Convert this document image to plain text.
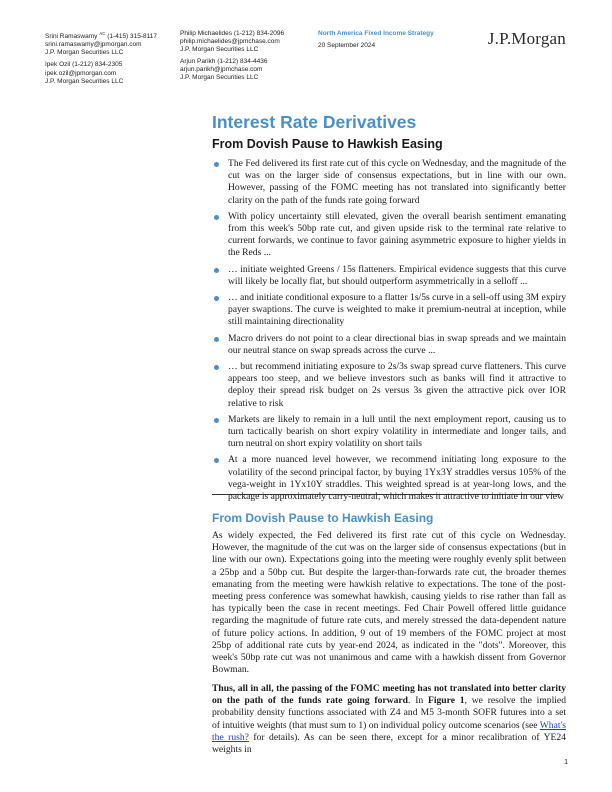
Srini Ramaswamy $^{AC}$ (1-415) 315-8117
srini.ramaswamy@jpmorgan.com
J.P. Morgan Securities LLC
Ipek Ozil (1-212) 834-2305
ipek.ozil@jpmorgan.com
J.P. Morgan Securities LLC
Philip Michaelides (1-212) 834-2096
philip.michaelides@jpmchase.com
J.P. Morgan Securities LLC
Arjun Parikh (1-212) 834-4436
arjun.parikh@jpmchase.com
J.P. Morgan Securities LLC
North America Fixed Income Strategy
20 September 2024	J.P.Morgan
Interest Rate Derivatives
From Dovish Pause to Hawkish Easing
The Fed delivered its first rate cut of this cycle on Wednesday, and the magnitude of the cut was on the larger side of consensus expectations, but in line with our own. However, passing of the FOMC meeting has not translated into significantly better clarity on the path of the funds rate going forward
With policy uncertainty still elevated, given the overall bearish sentiment emanating from this week's 50bp rate cut, and given upside risk to the terminal rate relative to current forwards, we continue to favor gaining asymmetric exposure to higher yields in the Reds ...
… initiate weighted Greens / 15s flatteners. Empirical evidence suggests that this curve will likely be locally flat, but should outperform asymmetrically in a selloff ...
… and initiate conditional exposure to a flatter 1s/5s curve in a sell-off using 3M expiry payer swaptions. The curve is weighted to make it premium-neutral at inception, while still maintaining directionality
Macro drivers do not point to a clear directional bias in swap spreads and we maintain our neutral stance on swap spreads across the curve ...
… but recommend initiating exposure to 2s/3s swap spread curve flatteners. This curve appears too steep, and we believe investors such as banks will find it attractive to deploy their spread risk budget on 2s versus 3s given the attractive pick over IOR relative to risk
Markets are likely to remain in a lull until the next employment report, causing us to turn tactically bearish on short expiry volatility in intermediate and longer tails, and turn neutral on short expiry volatility on short tails
At a more nuanced level however, we recommend initiating long exposure to the volatility of the second principal factor, by buying 1Yx3Y straddles versus 105% of the vega-weight in 1Yx10Y straddles. This weighted spread is at year-long lows, and the package is approximately carry-neutral, which makes it attractive to initiate in our view
From Dovish Pause to Hawkish Easing

As widely expected, the Fed delivered its first rate cut of this cycle on Wednesday. However, the magnitude of the cut was on the larger side of consensus expectations (but in line with our own). Expectations going into the meeting were roughly evenly split between a 25bp and a 50bp cut. But despite the larger-than-forwards rate cut, the broader themes emanating from the meeting were hawkish relative to expectations. The tone of the post-meeting press conference was somewhat hawkish, causing yields to rise rather than fall as has typically been the case in recent meetings. Fed Chair Powell offered little guidance regarding the magnitude of future rate cuts, and merely stressed the data-dependent nature of future policy actions. In addition, 9 out of 19 members of the FOMC project at most 25bp of additional rate cuts by year-end 2024, as indicated in the "dots". Moreover, this week's 50bp rate cut was not unanimous and came with a hawkish dissent from Governor Bowman.

Thus, all in all, the passing of the FOMC meeting has not translated into better clarity on the path of the funds rate going forward. In Figure 1, we resolve the implied probability density functions associated with Z4 and M5 3-month SOFR futures into a set of intuitive weights (that must sum to 1) on individual policy outcome scenarios (see What's the rush? for details). As can be seen there, except for a minor recalibration of YE24 weights in

1
